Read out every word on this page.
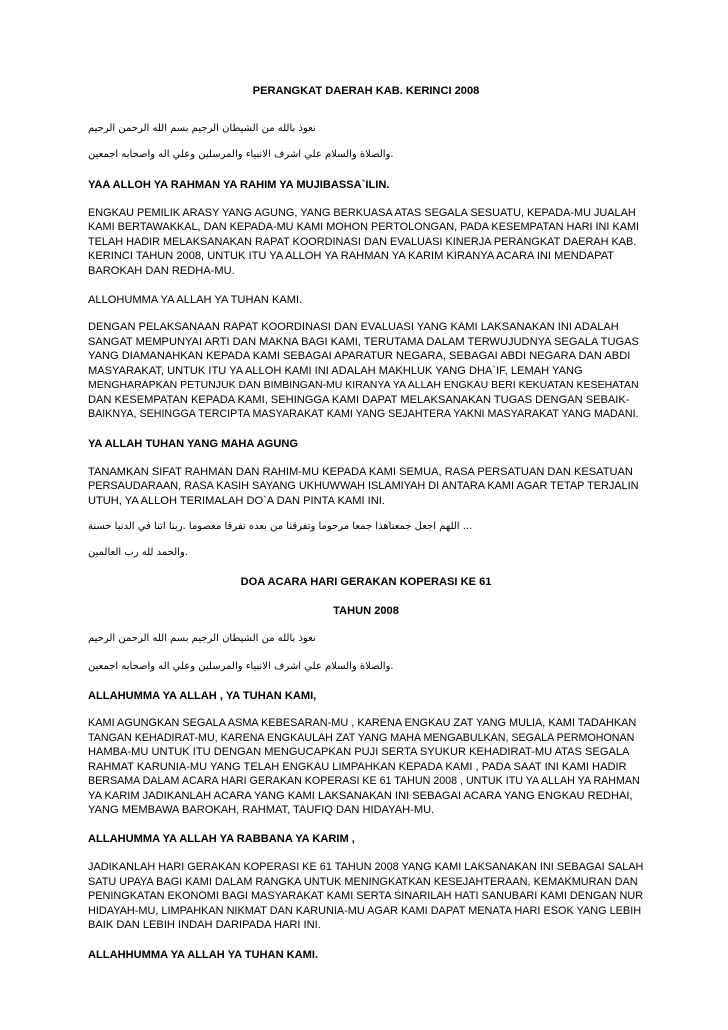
PERANGKAT DAERAH KAB. KERINCI 2008
نعوذ بالله من الشيطان الرجيم بسم الله الرحمن الرحيم
.والصلاة والسلام علي اشرف الانبياء والمرسلين وعلي اله واصحابه اجمعين
YAA ALLOH YA RAHMAN YA RAHIM YA MUJIBASSA`ILIN.
ENGKAU PEMILIK ARASY YANG AGUNG, YANG BERKUASA ATAS SEGALA SESUATU, KEPADA-MU JUALAH
KAMI BERTAWAKKAL, DAN KEPADA-MU KAMI MOHON PERTOLONGAN, PADA KESEMPATAN HARI INI KAMI
TELAH HADIR MELAKSANAKAN RAPAT KOORDINASI DAN EVALUASI KINERJA PERANGKAT DAERAH KAB.
KERINCI TAHUN 2008, UNTUK ITU YA ALLOH YA RAHMAN YA KARIM KIRANYA ACARA INI MENDAPAT
BAROKAH DAN REDHA-MU.
ALLOHUMMA YA ALLAH YA TUHAN KAMI.
DENGAN PELAKSANAAN RAPAT KOORDINASI DAN EVALUASI YANG KAMI LAKSANAKAN INI ADALAH
SANGAT MEMPUNYAI ARTI DAN MAKNA BAGI KAMI, TERUTAMA DALAM TERWUJUDNYA SEGALA TUGAS
YANG DIAMANAHKAN KEPADA KAMI SEBAGAI APARATUR NEGARA, SEBAGAI ABDI NEGARA DAN ABDI
MASYARAKAT, UNTUK ITU YA ALLOH KAMI INI ADALAH MAKHLUK YANG DHA`IF, LEMAH YANG
MENGHARAPKAN PETUNJUK DAN BIMBINGAN-MU KIRANYA YA ALLAH ENGKAU BERI KEKUATAN KESEHATAN
DAN KESEMPATAN KEPADA KAMI, SEHINGGA KAMI DAPAT MELAKSANAKAN TUGAS DENGAN SEBAIK-
BAIKNYA, SEHINGGA TERCIPTA MASYARAKAT KAMI YANG SEJAHTERA YAKNI MASYARAKAT YANG MADANI.
YA ALLAH TUHAN YANG MAHA AGUNG
TANAMKAN SIFAT RAHMAN DAN RAHIM-MU KEPADA KAMI SEMUA, RASA PERSATUAN DAN KESATUAN
PERSAUDARAAN, RASA KASIH SAYANG UKHUWWAH ISLAMIYAH DI ANTARA KAMI AGAR TETAP TERJALIN
UTUH, YA ALLOH TERIMALAH DO`A DAN PINTA KAMI INI.
... اللهم اجعل جمعناهذا جمعا مرحوما وتفرقنا من بعده تفرقا معصوما .ربنا اتنا في الدنيا حسنة
.والحمد لله رب العالمين
DOA ACARA HARI GERAKAN KOPERASI KE 61
TAHUN 2008
نعوذ بالله من الشيطان الرجيم بسم الله الرحمن الرحيم
.والصلاة والسلام علي اشرف الانبياء والمرسلين وعلي اله واصحابه اجمعين
ALLAHUMMA YA ALLAH , YA TUHAN KAMI,
KAMI AGUNGKAN SEGALA ASMA KEBESARAN-MU , KARENA ENGKAU ZAT YANG MULIA, KAMI TADAHKAN
TANGAN KEHADIRAT-MU, KARENA ENGKAULAH ZAT YANG MAHA MENGABULKAN, SEGALA PERMOHONAN
HAMBA-MU UNTUK ITU DENGAN MENGUCAPKAN PUJI SERTA SYUKUR KEHADIRAT-MU ATAS SEGALA
RAHMAT KARUNIA-MU YANG TELAH ENGKAU LIMPAHKAN KEPADA KAMI , PADA SAAT INI KAMI HADIR
BERSAMA DALAM ACARA HARI GERAKAN KOPERASI KE 61 TAHUN 2008 , UNTUK ITU YA ALLAH YA RAHMAN
YA KARIM JADIKANLAH ACARA YANG KAMI LAKSANAKAN INI SEBAGAI ACARA YANG ENGKAU REDHAI,
YANG MEMBAWA BAROKAH, RAHMAT, TAUFIQ DAN HIDAYAH-MU.
ALLAHUMMA YA ALLAH YA RABBANA YA KARIM ,
JADIKANLAH HARI GERAKAN KOPERASI KE 61 TAHUN 2008 YANG KAMI LAKSANAKAN INI SEBAGAI SALAH
SATU UPAYA BAGI KAMI DALAM RANGKA UNTUK MENINGKATKAN KESEJAHTERAAN, KEMAKMURAN DAN
PENINGKATAN EKONOMI BAGI MASYARAKAT KAMI SERTA SINARILAH HATI SANUBARI KAMI DENGAN NUR
HIDAYAH-MU, LIMPAHKAN NIKMAT DAN KARUNIA-MU AGAR KAMI DAPAT MENATA HARI ESOK YANG LEBIH
BAIK DAN LEBIH INDAH DARIPADA HARI INI.
ALLAHHUMMA YA ALLAH YA TUHAN KAMI.
